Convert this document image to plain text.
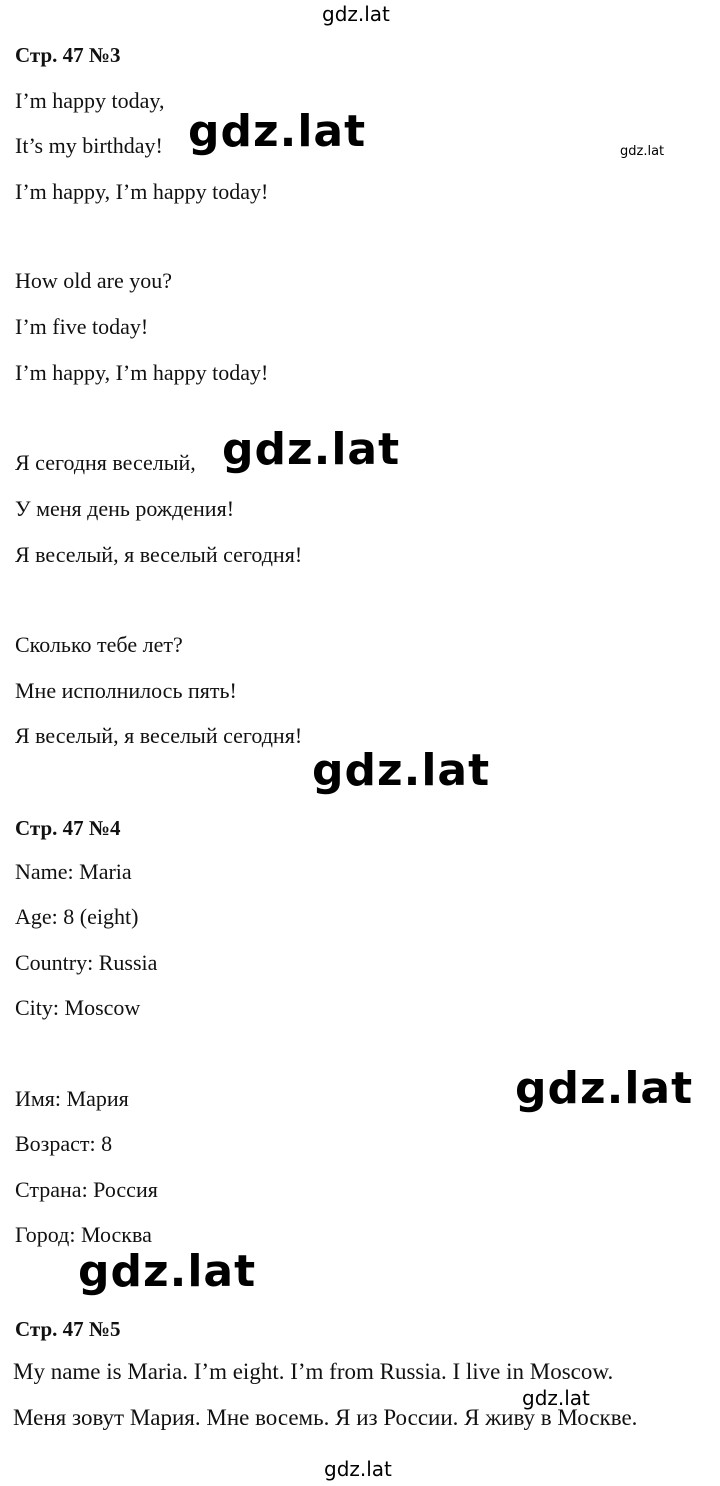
Стр. 47 №3
I’m happy today,
It’s my birthday!
I’m happy, I’m happy today!
How old are you?
I’m five today!
I’m happy, I’m happy today!
Я сегодня веселый,
У меня день рождения!
Я веселый, я веселый сегодня!
Сколько тебе лет?
Мне исполнилось пять!
Я веселый, я веселый сегодня!
Стр. 47 №4
Name: Maria
Age: 8 (eight)
Country: Russia
City: Moscow
Имя: Мария
Возраст: 8
Страна: Россия
Город: Москва
Стр. 47 №5
My name is Maria. I’m eight. I’m from Russia. I live in Moscow.
Меня зовут Мария. Мне восемь. Я из России. Я живу в Москве.
gdz.lat
gdz.lat	gdz.lat
gdz.lat
gdz.lat
gdz.lat
gdz.lat
gdz.lat
gdz.lat
